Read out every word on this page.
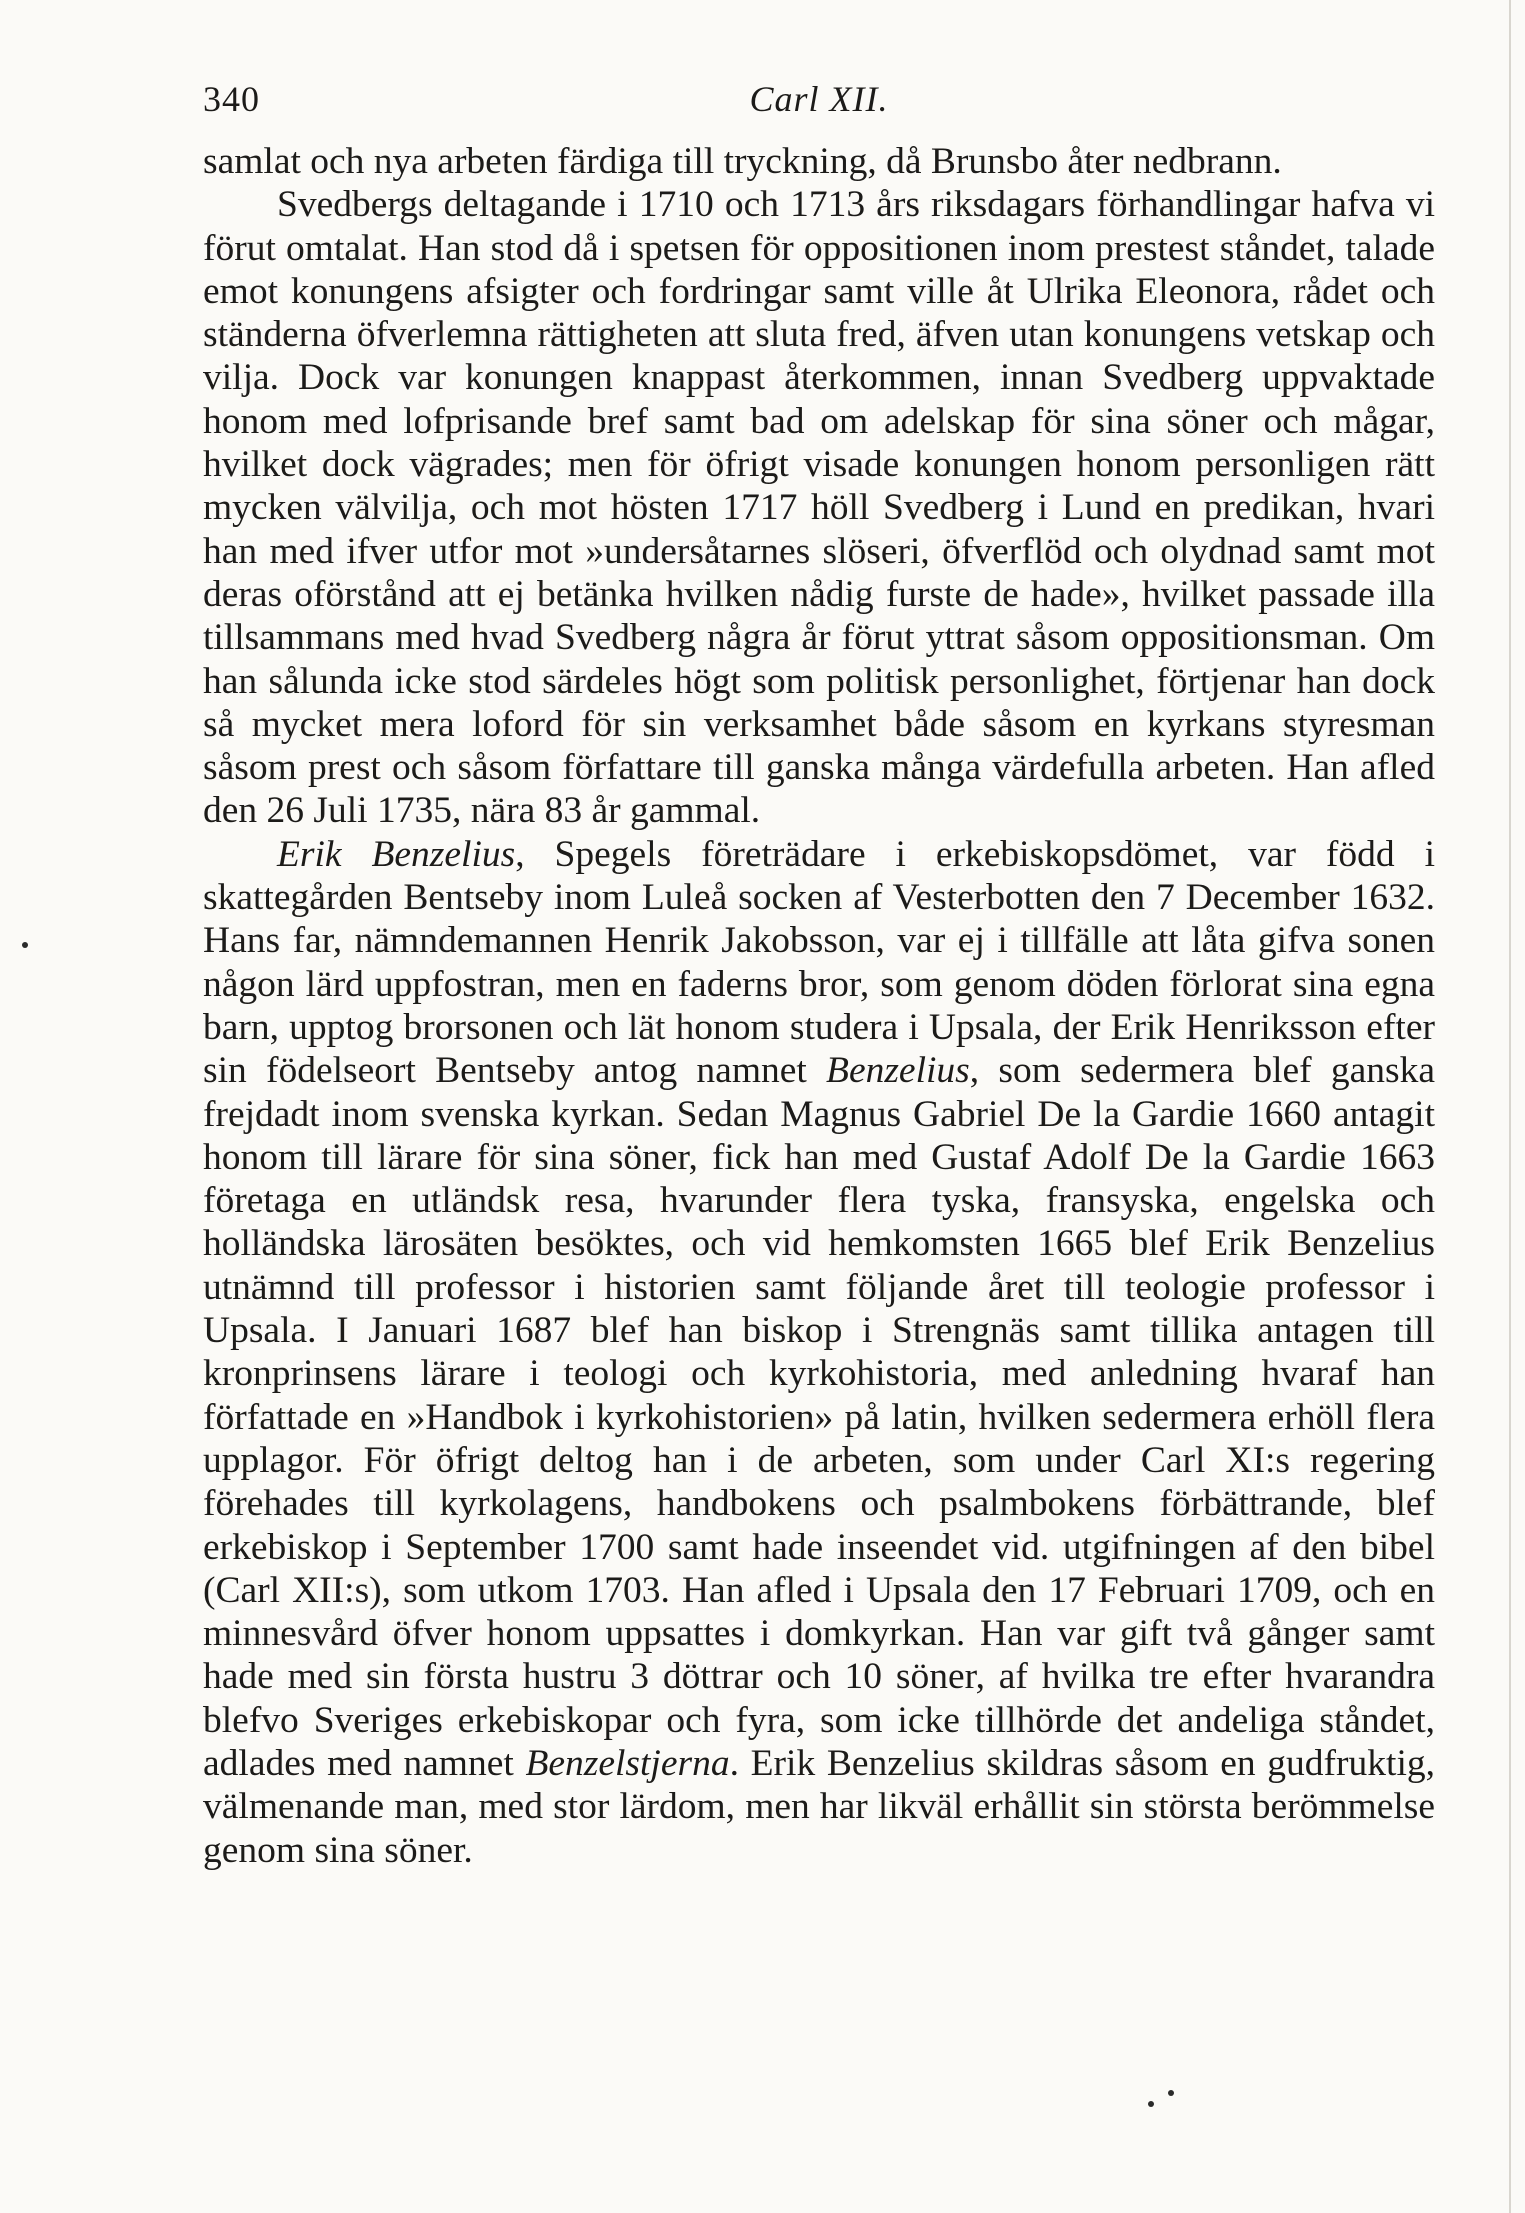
340	Carl XII.

samlat och nya arbeten färdiga till tryckning, då Brunsbo åter nedbrann.

Svedbergs deltagande i 1710 och 1713 års riksdagars förhandlingar hafva vi förut omtalat. Han stod då i spetsen för oppositionen inom prestest ståndet, talade emot konungens afsigter och fordringar samt ville åt Ulrika Eleonora, rådet och ständerna öfverlemna rättigheten att sluta fred, äfven utan konungens vetskap och vilja. Dock var konungen knappast återkommen, innan Svedberg uppvaktade honom med lofprisande bref samt bad om adelskap för sina söner och mågar, hvilket dock vägrades; men för öfrigt visade konungen honom personligen rätt mycken välvilja, och mot hösten 1717 höll Svedberg i Lund en predikan, hvari han med ifver utfor mot »undersåtarnes slöseri, öfverflöd och olydnad samt mot deras oförstånd att ej betänka hvilken nådig furste de hade», hvilket passade illa tillsammans med hvad Svedberg några år förut yttrat såsom oppositionsman. Om han sålunda icke stod särdeles högt som politisk personlighet, förtjenar han dock så mycket mera loford för sin verksamhet både såsom en kyrkans styresman såsom prest och såsom författare till ganska många värdefulla arbeten. Han afled den 26 Juli 1735, nära 83 år gammal.

Erik Benzelius, Spegels företrädare i erkebiskopsdömet, var född i skattegården Bentseby inom Luleå socken af Vesterbotten den 7 December 1632. Hans far, nämndemannen Henrik Jakobsson, var ej i tillfälle att låta gifva sonen någon lärd uppfostran, men en faderns bror, som genom döden förlorat sina egna barn, upptog brorsonen och lät honom studera i Upsala, der Erik Henriksson efter sin födelseort Bentseby antog namnet Benzelius, som sedermera blef ganska frejdadt inom svenska kyrkan. Sedan Magnus Gabriel De la Gardie 1660 antagit honom till lärare för sina söner, fick han med Gustaf Adolf De la Gardie 1663 företaga en utländsk resa, hvarunder flera tyska, fransyska, engelska och holländska lärosäten besöktes, och vid hemkomsten 1665 blef Erik Benzelius utnämnd till professor i historien samt följande året till teologie professor i Upsala. I Januari 1687 blef han biskop i Strengnäs samt tillika antagen till kronprinsens lärare i teologi och kyrkohistoria, med anledning hvaraf han författade en »Handbok i kyrkohistorien» på latin, hvilken sedermera erhöll flera upplagor. För öfrigt deltog han i de arbeten, som under Carl XI:s regering förehades till kyrkolagens, handbokens och psalmbokens förbättrande, blef erkebiskop i September 1700 samt hade inseendet vid. utgifningen af den bibel (Carl XII:s), som utkom 1703. Han afled i Upsala den 17 Februari 1709, och en minnesvård öfver honom uppsattes i domkyrkan. Han var gift två gånger samt hade med sin första hustru 3 döttrar och 10 söner, af hvilka tre efter hvarandra blefvo Sveriges erkebiskopar och fyra, som icke tillhörde det andeliga ståndet, adlades med namnet Benzelstjerna. Erik Benzelius skildras såsom en gudfruktig, välmenande man, med stor lärdom, men har likväl erhållit sin största berömmelse genom sina söner.
